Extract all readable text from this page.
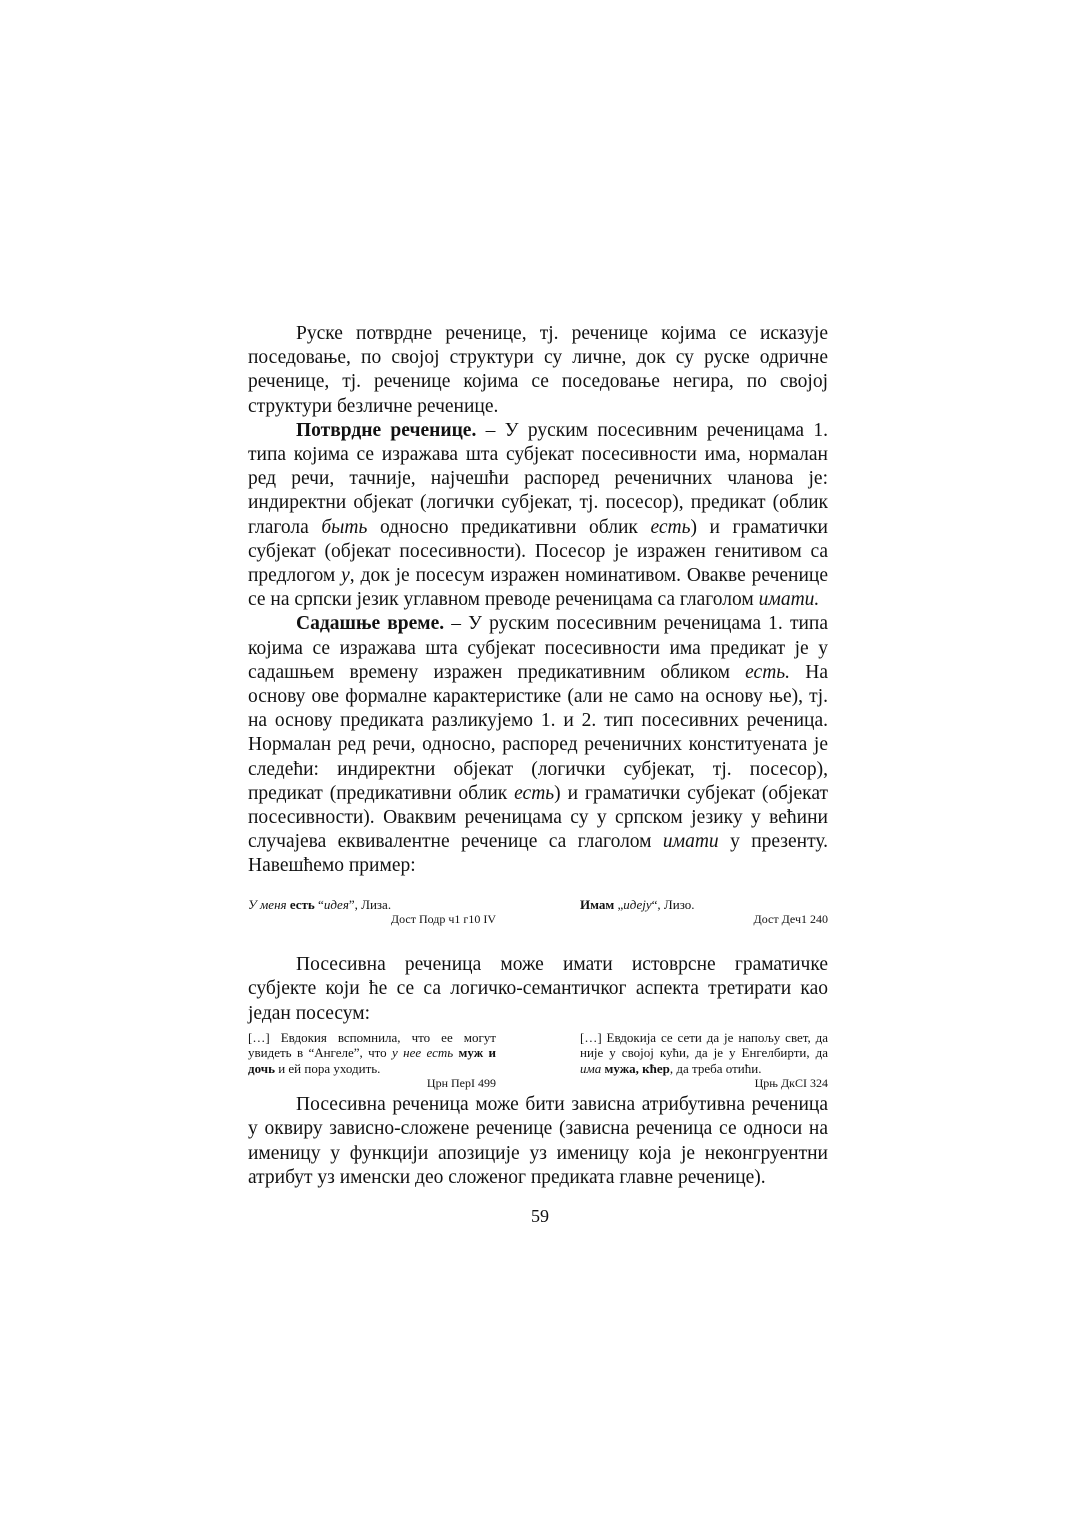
Руске потврдне реченице, тј. реченице којима се исказује поседовање, по својој структури су личне, док су руске одричне реченице, тј. реченице којима се поседовање негира, по својој структури безличне реченице.

Потврдне реченице. – У руским посесивним реченицама 1. типа којима се изражава шта субјекат посесивности има, нормалан ред речи, тачније, најчешћи распоред реченичних чланова је: индиректни објекат (логички субјекат, тј. посесор), предикат (облик глагола быть односно предикативни облик есть) и граматички субјекат (објекат посесивности). Посесор је изражен генитивом са предлогом у, док је посесум изражен номинативом. Овакве реченице се на српски језик углавном преводе реченицама са глаголом имати.

Садашње време. – У руским посесивним реченицама 1. типа којима се изражава шта субјекат посесивности има предикат је у садашњем времену изражен предикативним обликом есть. На основу ове формалне карактеристике (али не само на основу ње), тј. на основу предиката разликујемо 1. и 2. тип посесивних реченица. Нормалан ред речи, односно, распоред реченичних конституената је следећи: индиректни објекат (логички субјекат, тј. посесор), предикат (предикативни облик есть) и граматички субјекат (објекат посесивности). Оваквим реченицама су у српском језику у већини случајева еквивалентне реченице са глаголом имати у презенту. Навешћемо пример:

У меня есть “идея”, Лиза.
Дост Подр ч1 г10 IV
Имам „идеју“, Лизо.
Дост Деч1 240

Посесивна реченица може имати истоврсне граматичке субјекте који ће се са логичко-семантичког аспекта третирати као један посесум:

[…] Евдокия вспомнила, что ее могут увидеть в “Ангеле”, что у нее есть муж и дочь и ей пора уходить.
Црн ПерI 499
[…] Евдокија се сети да је напољу свет, да није у својој кући, да је у Енгелбирти, да има мужа, кћер, да треба отићи.
Црњ ДкСI 324

Посесивна реченица може бити зависна атрибутивна реченица у оквиру зависно-сложене реченице (зависна реченица се односи на именицу у функцији апозиције уз именицу која је неконгруентни атрибут уз именски део сложеног предиката главне реченице).

59
